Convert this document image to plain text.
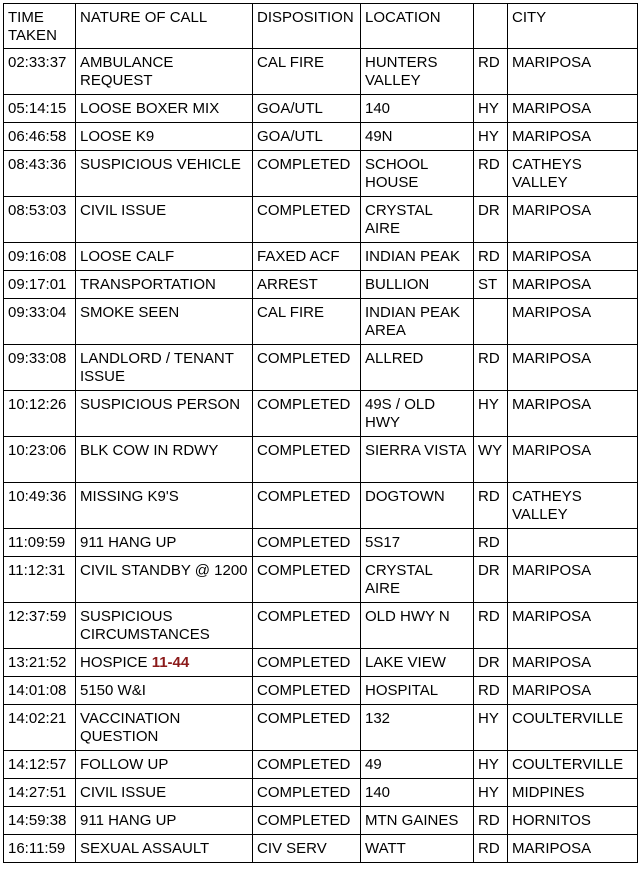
TIME TAKEN	NATURE OF CALL	DISPOSITION	LOCATION		CITY
02:33:37	AMBULANCE REQUEST	CAL FIRE	HUNTERS VALLEY	RD	MARIPOSA
05:14:15	LOOSE BOXER MIX	GOA/UTL	140	HY	MARIPOSA
06:46:58	LOOSE K9	GOA/UTL	49N	HY	MARIPOSA
08:43:36	SUSPICIOUS VEHICLE	COMPLETED	SCHOOL HOUSE	RD	CATHEYS VALLEY
08:53:03	CIVIL ISSUE	COMPLETED	CRYSTAL AIRE	DR	MARIPOSA
09:16:08	LOOSE CALF	FAXED ACF	INDIAN PEAK	RD	MARIPOSA
09:17:01	TRANSPORTATION	ARREST	BULLION	ST	MARIPOSA
09:33:04	SMOKE SEEN	CAL FIRE	INDIAN PEAK AREA		MARIPOSA
09:33:08	LANDLORD / TENANT ISSUE	COMPLETED	ALLRED	RD	MARIPOSA
10:12:26	SUSPICIOUS PERSON	COMPLETED	49S / OLD HWY	HY	MARIPOSA
10:23:06	BLK COW IN RDWY	COMPLETED	SIERRA VISTA	WY	MARIPOSA
10:49:36	MISSING K9'S	COMPLETED	DOGTOWN	RD	CATHEYS VALLEY
11:09:59	911 HANG UP	COMPLETED	5S17	RD	
11:12:31	CIVIL STANDBY @ 1200	COMPLETED	CRYSTAL AIRE	DR	MARIPOSA
12:37:59	SUSPICIOUS CIRCUMSTANCES	COMPLETED	OLD HWY N	RD	MARIPOSA
13:21:52	HOSPICE 11-44	COMPLETED	LAKE VIEW	DR	MARIPOSA
14:01:08	5150 W&I	COMPLETED	HOSPITAL	RD	MARIPOSA
14:02:21	VACCINATION QUESTION	COMPLETED	132	HY	COULTERVILLE
14:12:57	FOLLOW UP	COMPLETED	49	HY	COULTERVILLE
14:27:51	CIVIL ISSUE	COMPLETED	140	HY	MIDPINES
14:59:38	911 HANG UP	COMPLETED	MTN GAINES	RD	HORNITOS
16:11:59	SEXUAL ASSAULT	CIV SERV	WATT	RD	MARIPOSA
